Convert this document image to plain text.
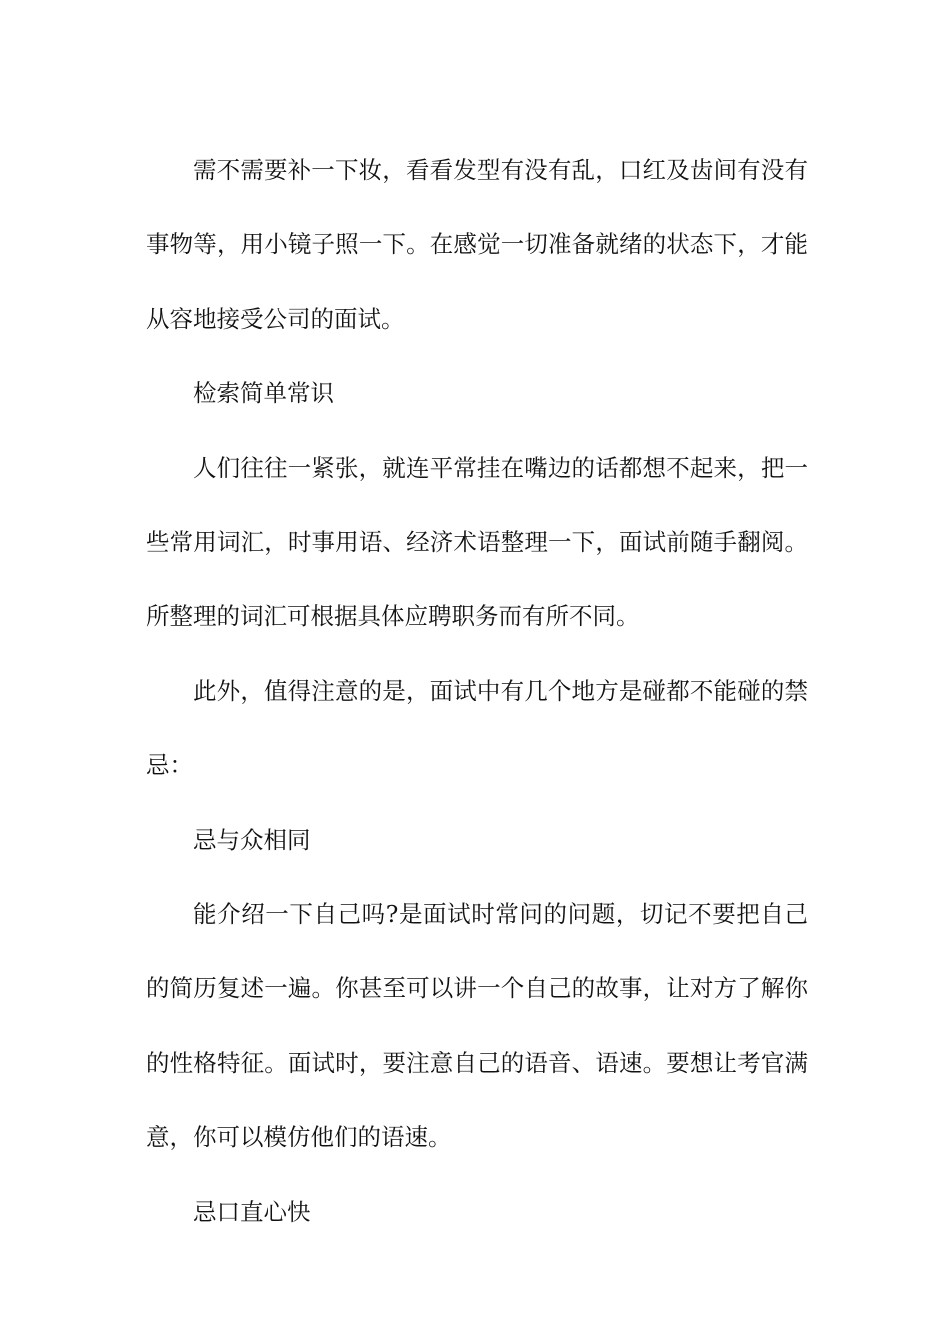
需不需要补一下妆，看看发型有没有乱，口红及齿间有没有事物等，用小镜子照一下。在感觉一切准备就绪的状态下，才能从容地接受公司的面试。

检索简单常识

人们往往一紧张，就连平常挂在嘴边的话都想不起来，把一些常用词汇，时事用语、经济术语整理一下，面试前随手翻阅。所整理的词汇可根据具体应聘职务而有所不同。

此外，值得注意的是，面试中有几个地方是碰都不能碰的禁忌：

忌与众相同

能介绍一下自己吗?是面试时常问的问题，切记不要把自己的简历复述一遍。你甚至可以讲一个自己的故事，让对方了解你的性格特征。面试时，要注意自己的语音、语速。要想让考官满意，你可以模仿他们的语速。

忌口直心快
